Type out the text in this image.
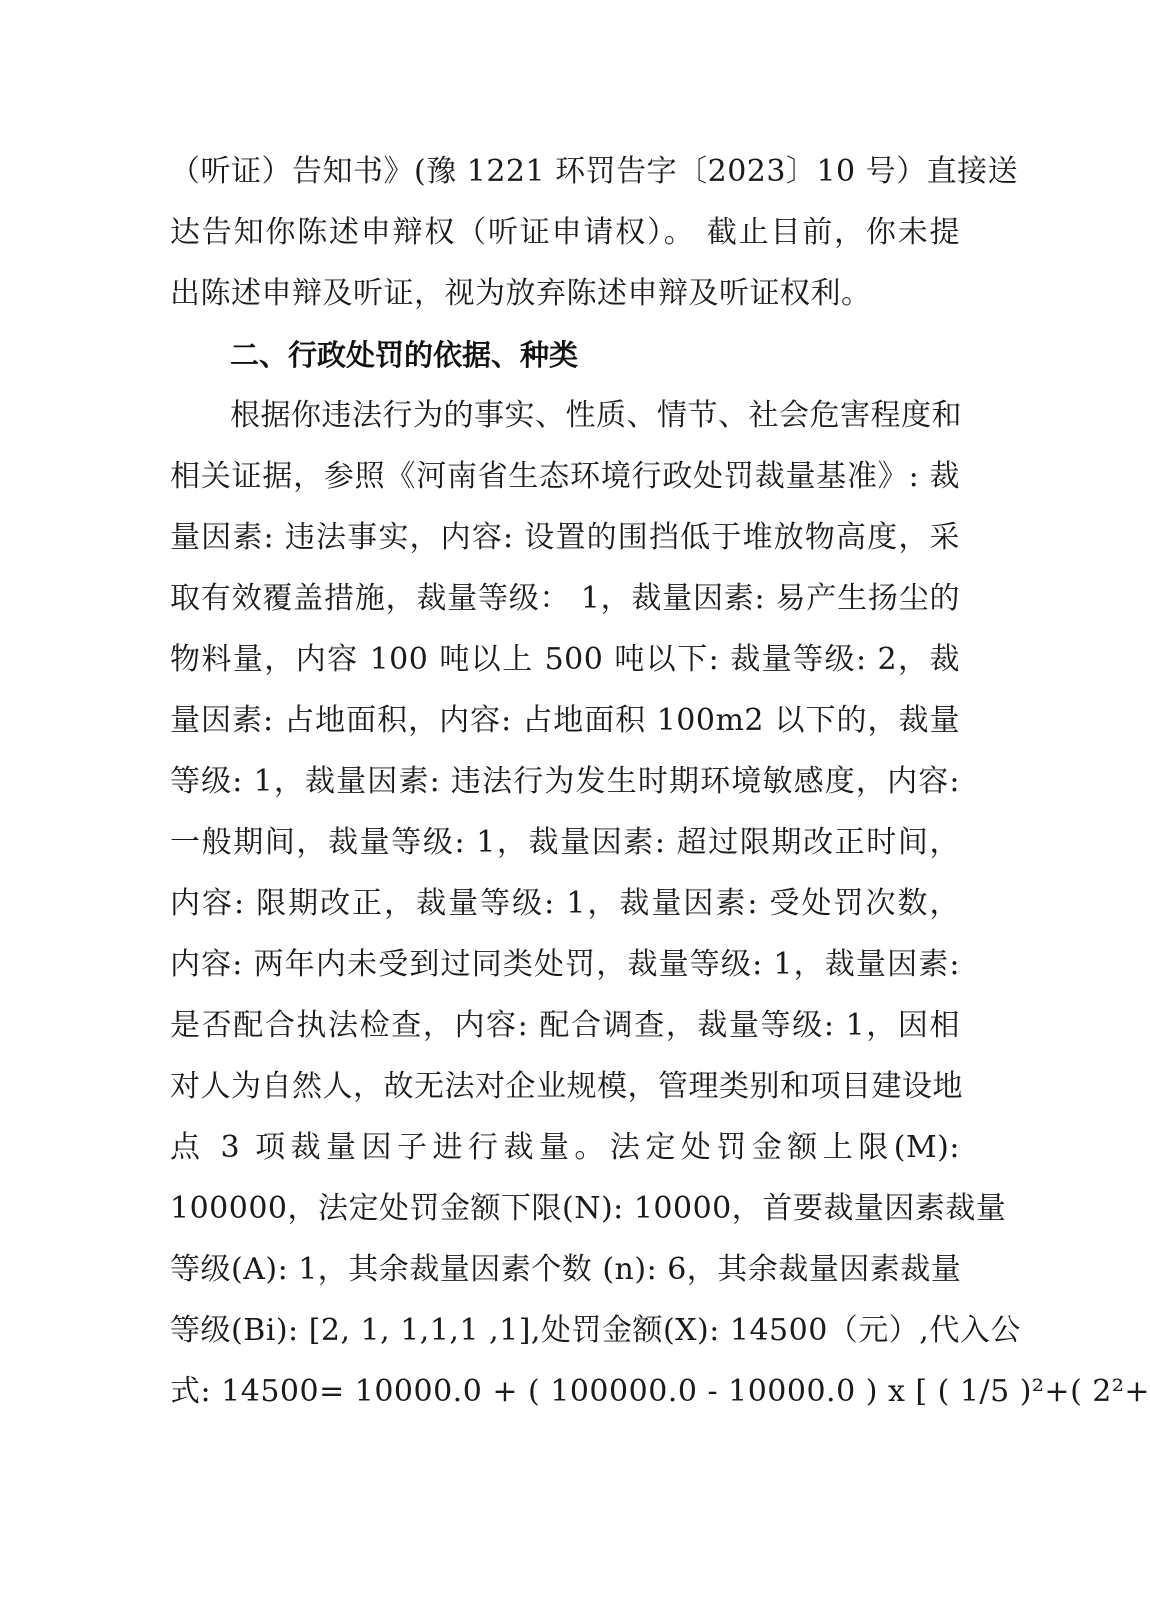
（听证）告知书》(豫 1221 环罚告字〔2023〕10 号）直接送
达告知你陈述申辩权（听证申请权）。 截止目前，你未提
出陈述申辩及听证，视为放弃陈述申辩及听证权利。
二、行政处罚的依据、种类
根据你违法行为的事实、性质、情节、社会危害程度和
相关证据，参照《河南省生态环境行政处罚裁量基准》: 裁
量因素: 违法事实，内容: 设置的围挡低于堆放物高度，采
取有效覆盖措施，裁量等级： 1，裁量因素: 易产生扬尘的
物料量，内容 100 吨以上 500 吨以下: 裁量等级: 2，裁
量因素: 占地面积，内容: 占地面积 100m2 以下的，裁量
等级: 1，裁量因素: 违法行为发生时期环境敏感度，内容:
一般期间，裁量等级: 1，裁量因素: 超过限期改正时间，
内容: 限期改正，裁量等级: 1，裁量因素: 受处罚次数，
内容: 两年内未受到过同类处罚，裁量等级: 1，裁量因素:
是否配合执法检查，内容: 配合调查，裁量等级: 1，因相
对人为自然人，故无法对企业规模，管理类别和项目建设地
点 3 项裁量因子进行裁量。法定处罚金额上限(M):
100000，法定处罚金额下限(N): 10000，首要裁量因素裁量
等级(A): 1，其余裁量因素个数 (n): 6，其余裁量因素裁量
等级(Bi): [2, 1, 1,1,1 ,1],处罚金额(X): 14500（元）,代入公
式: 14500= 10000.0 + ( 100000.0 - 10000.0 ) x [ ( 1/5 )²+( 2²+
